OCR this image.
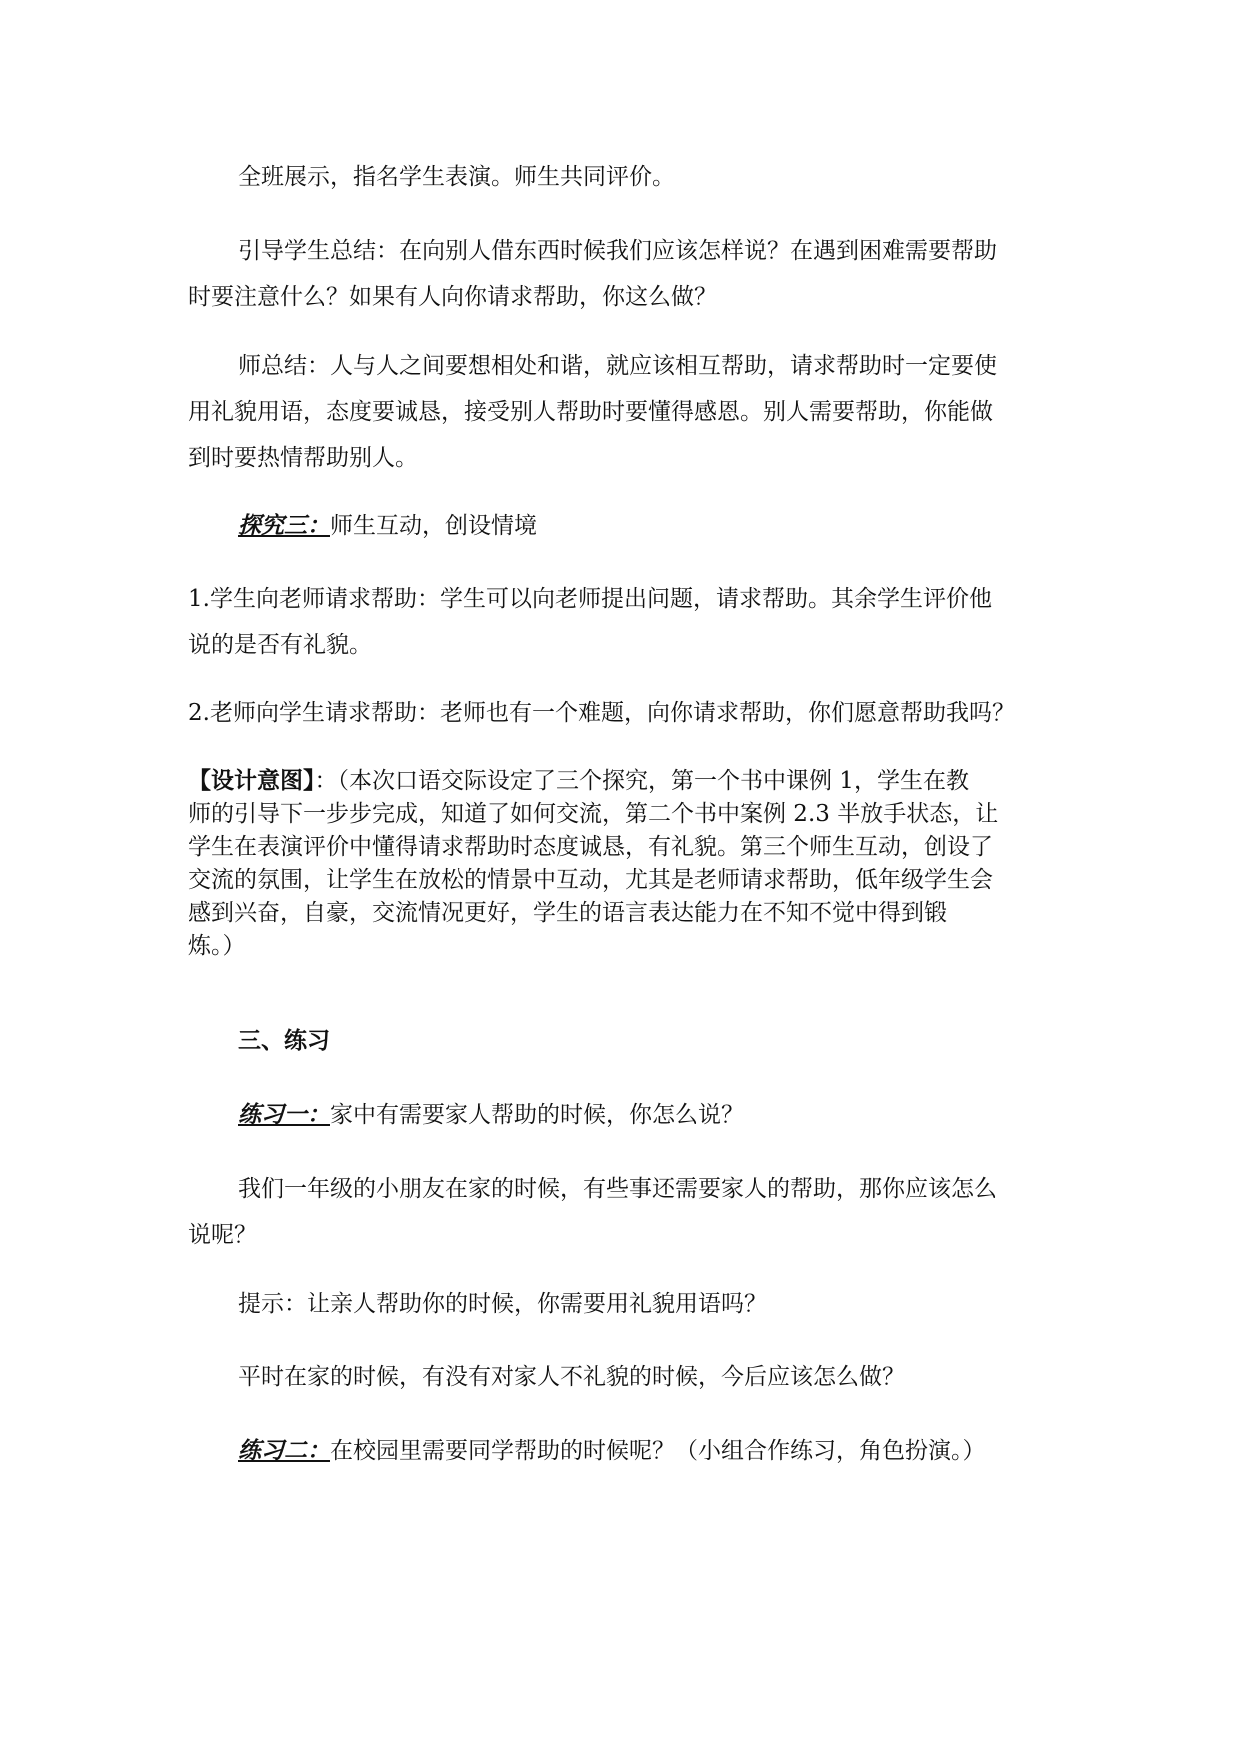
全班展示，指名学生表演。师生共同评价。

引导学生总结：在向别人借东西时候我们应该怎样说？在遇到困难需要帮助
时要注意什么？如果有人向你请求帮助，你这么做？

师总结：人与人之间要想相处和谐，就应该相互帮助，请求帮助时一定要使
用礼貌用语，态度要诚恳，接受别人帮助时要懂得感恩。别人需要帮助，你能做
到时要热情帮助别人。

探究三：师生互动，创设情境

1.学生向老师请求帮助：学生可以向老师提出问题，请求帮助。其余学生评价他
说的是否有礼貌。

2.老师向学生请求帮助：老师也有一个难题，向你请求帮助，你们愿意帮助我吗？

【设计意图】：（本次口语交际设定了三个探究，第一个书中课例 1，学生在教
师的引导下一步步完成，知道了如何交流，第二个书中案例 2.3 半放手状态，让
学生在表演评价中懂得请求帮助时态度诚恳，有礼貌。第三个师生互动，创设了
交流的氛围，让学生在放松的情景中互动，尤其是老师请求帮助，低年级学生会
感到兴奋，自豪，交流情况更好，学生的语言表达能力在不知不觉中得到锻
炼。）

三、练习

练习一：家中有需要家人帮助的时候，你怎么说？

我们一年级的小朋友在家的时候，有些事还需要家人的帮助，那你应该怎么
说呢？

提示：让亲人帮助你的时候，你需要用礼貌用语吗？

平时在家的时候，有没有对家人不礼貌的时候，今后应该怎么做？

练习二：在校园里需要同学帮助的时候呢？（小组合作练习，角色扮演。）
